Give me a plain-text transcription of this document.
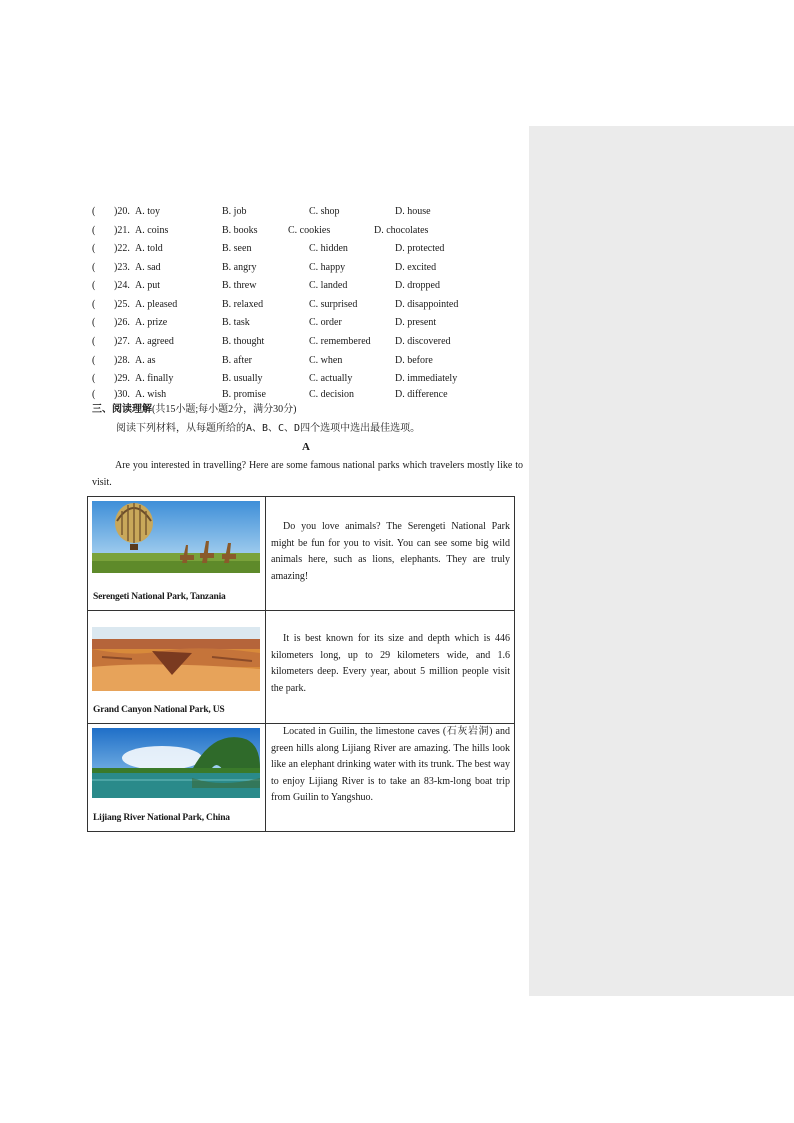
( )20. A. toy	B. job	C. shop	D. house
( )21. A. coins	B. books	C. cookies	D. chocolates
( )22. A. told	B. seen	C. hidden	D. protected
( )23. A. sad	B. angry	C. happy	D. excited
( )24. A. put	B. threw	C. landed	D. dropped
( )25. A. pleased	B. relaxed	C. surprised	D. disappointed
( )26. A. prize	B. task	C. order	D. present
( )27. A. agreed	B. thought	C. remembered D. discovered
( )28. A. as	B. after	C. when	D. before
( )29. A. finally	B. usually	C. actually	D. immediately
( )30. A. wish	B. promise	C. decision	D. difference
三、阅读理解(共15小题;每小题2分，满分30分)
阅读下列材料，从每题所给的A、B、C、D四个选项中选出最佳选项。
A
Are you interested in travelling? Here are some famous national parks which travelers mostly like to visit.
Serengeti National Park, Tanzania
Do you love animals? The Serengeti National Park might be fun for you to visit. You can see some big wild animals here, such as lions, elephants. They are truly amazing!
Grand Canyon National Park, US
It is best known for its size and depth which is 446 kilometers long, up to 29 kilometers wide, and 1.6 kilometers deep. Every year, about 5 million people visit the park.
Lijiang River National Park, China
Located in Guilin, the limestone caves (石灰岩洞) and green hills along Lijiang River are amazing. The hills look like an elephant drinking water with its trunk. The best way to enjoy Lijiang River is to take an 83-km-long boat trip from Guilin to Yangshuo.
